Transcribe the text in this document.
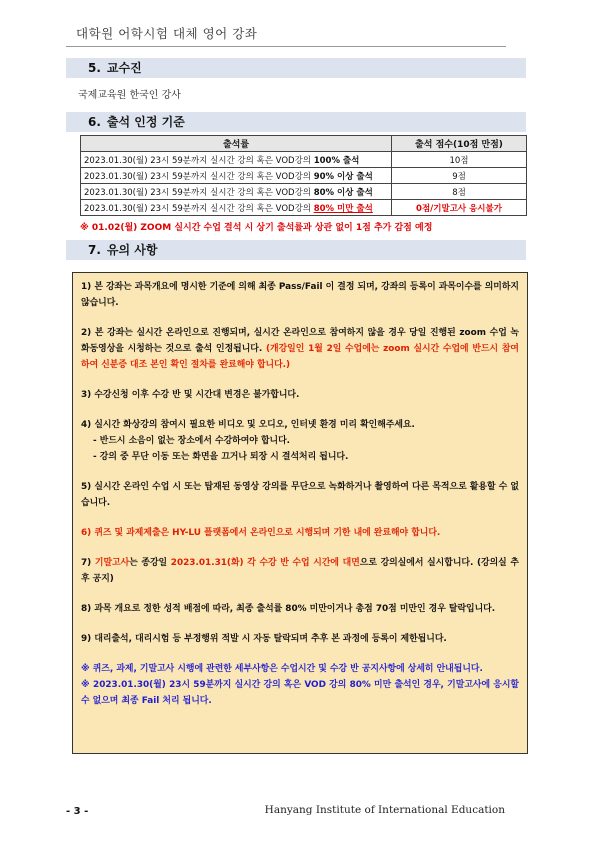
대학원 어학시험 대체 영어 강좌
5. 교수진
국제교육원 한국인 강사
6. 출석 인정 기준
출석률	출석 점수(10점 만점)
2023.01.30(월) 23시 59분까지 실시간 강의 혹은 VOD강의 100% 출석	10점
2023.01.30(월) 23시 59분까지 실시간 강의 혹은 VOD강의 90% 이상 출석	9점
2023.01.30(월) 23시 59분까지 실시간 강의 혹은 VOD강의 80% 이상 출석	8점
2023.01.30(월) 23시 59분까지 실시간 강의 혹은 VOD강의 80% 미만 출석	0점/기말고사 응시불가
※ 01.02(월) ZOOM 실시간 수업 결석 시 상기 출석률과 상관 없이 1점 추가 감점 예정
7. 유의 사항

1) 본 강좌는 과목개요에 명시한 기준에 의해 최종 Pass/Fail 이 결정 되며, 강좌의 등록이 과목이수를 의미하지 않습니다.

2) 본 강좌는 실시간 온라인으로 진행되며, 실시간 온라인으로 참여하지 않을 경우 당일 진행된 zoom 수업 녹화동영상을 시청하는 것으로 출석 인정됩니다. (개강일인 1월 2일 수업에는 zoom 실시간 수업에 반드시 참여하여 신분증 대조 본인 확인 절차를 완료해야 합니다.)

3) 수강신청 이후 수강 반 및 시간대 변경은 불가합니다.

4) 실시간 화상강의 참여시 필요한 비디오 및 오디오, 인터넷 환경 미리 확인해주세요.

- 반드시 소음이 없는 장소에서 수강하여야 합니다.

- 강의 중 무단 이동 또는 화면을 끄거나 퇴장 시 결석처리 됩니다.

5) 실시간 온라인 수업 시 또는 탑재된 동영상 강의를 무단으로 녹화하거나 촬영하여 다른 목적으로 활용할 수 없습니다.

6) 퀴즈 및 과제제출은 HY-LU 플랫폼에서 온라인으로 시행되며 기한 내에 완료해야 합니다.

7) 기말고사는 종강일 2023.01.31(화) 각 수강 반 수업 시간에 대면으로 강의실에서 실시합니다. (강의실 추후 공지)

8) 과목 개요로 정한 성적 배점에 따라, 최종 출석률 80% 미만이거나 총점 70점 미만인 경우 탈락입니다.

9) 대리출석, 대리시험 등 부정행위 적발 시 자동 탈락되며 추후 본 과정에 등록이 제한됩니다.

※ 퀴즈, 과제, 기말고사 시행에 관련한 세부사항은 수업시간 및 수강 반 공지사항에 상세히 안내됩니다.

※ 2023.01.30(월) 23시 59분까지 실시간 강의 혹은 VOD 강의 80% 미만 출석인 경우, 기말고사에 응시할 수 없으며 최종 Fail 처리 됩니다.

- 3 -	Hanyang Institute of International Education
